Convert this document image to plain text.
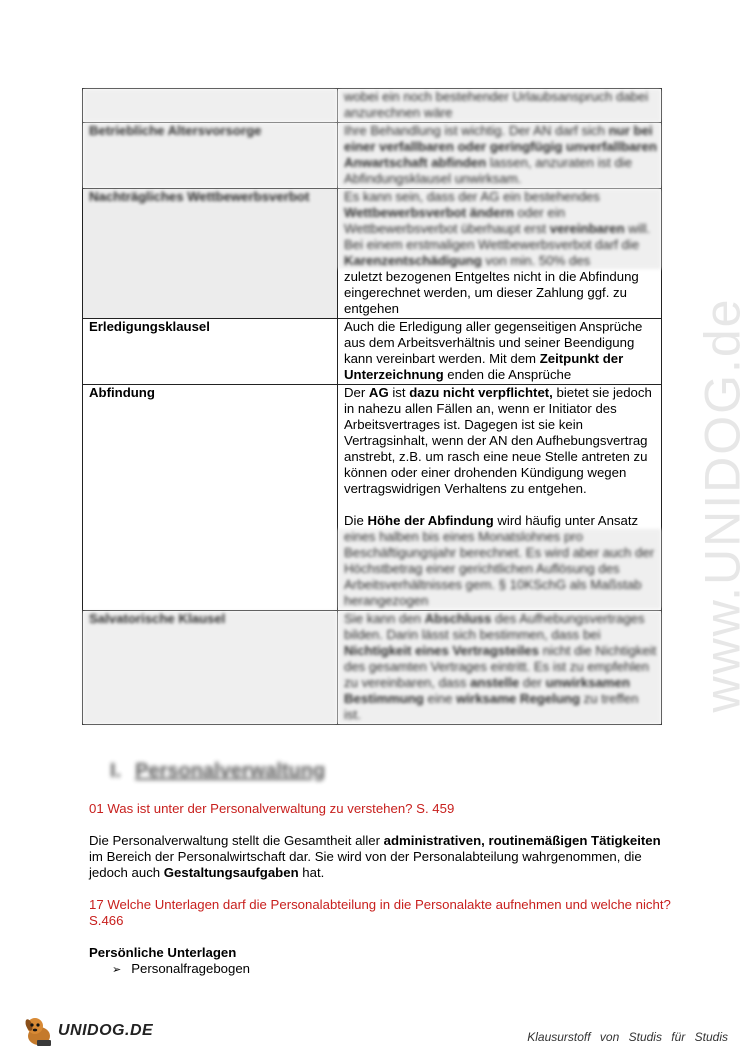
	wobei ein noch bestehender Urlaubsanspruch dabei anzurechnen wäre
Betriebliche Altersvorsorge	Ihre Behandlung ist wichtig. Der AN darf sich nur bei einer verfallbaren oder geringfügig unverfallbaren Anwartschaft abfinden lassen, anzuraten ist die Abfindungsklausel unwirksam.

Nachträgliches Wettbewerbsverbot	Es kann sein, dass der AG ein bestehendes Wettbewerbsverbot ändern oder ein Wettbewerbsverbot überhaupt erst vereinbaren will. Bei einem erstmaligen Wettbewerbsverbot darf die Karenzentschädigung von min. 50% des
zuletzt bezogenen Entgeltes nicht in die Abfindung eingerechnet werden, um dieser Zahlung ggf. zu entgehen

Erledigungsklausel	Auch die Erledigung aller gegenseitigen Ansprüche aus dem Arbeitsverhältnis und seiner Beendigung kann vereinbart werden. Mit dem Zeitpunkt der Unterzeichnung enden die Ansprüche
Abfindung	Der AG ist dazu nicht verpflichtet, bietet sie jedoch in nahezu allen Fällen an, wenn er Initiator des Arbeitsvertrages ist. Dagegen ist sie kein Vertragsinhalt, wenn der AN den Aufhebungsvertrag anstrebt, z.B. um rasch eine neue Stelle antreten zu können oder einer drohenden Kündigung wegen vertragswidrigen Verhaltens zu entgehen.
Die Höhe der Abfindung wird häufig unter Ansatz
eines halben bis eines Monatslohnes pro Beschäftigungsjahr berechnet. Es wird aber auch der Höchstbetrag einer gerichtlichen Auflösung des Arbeitsverhältnisses gem. § 10KSchG als Maßstab herangezogen

Salvatorische Klausel	Sie kann den Abschluss des Aufhebungsvertrages bilden. Darin lässt sich bestimmen, dass bei Nichtigkeit eines Vertragsteiles nicht die Nichtigkeit des gesamten Vertrages eintritt. Es ist zu empfehlen zu vereinbaren, dass anstelle der unwirksamen Bestimmung eine wirksame Regelung zu treffen ist.
www.UNIDOG.de
I. Personalverwaltung
01 Was ist unter der Personalverwaltung zu verstehen? S. 459
Die Personalverwaltung stellt die Gesamtheit aller administrativen, routinemäßigen Tätigkeiten im Bereich der Personalwirtschaft dar. Sie wird von der Personalabteilung wahrgenommen, die jedoch auch Gestaltungsaufgaben hat.
17 Welche Unterlagen darf die Personalabteilung in die Personalakte aufnehmen und welche nicht? S.466
Persönliche Unterlagen
➢ Personalfragebogen
UNIDOG.DE	Klausurstoff von Studis für Studis
